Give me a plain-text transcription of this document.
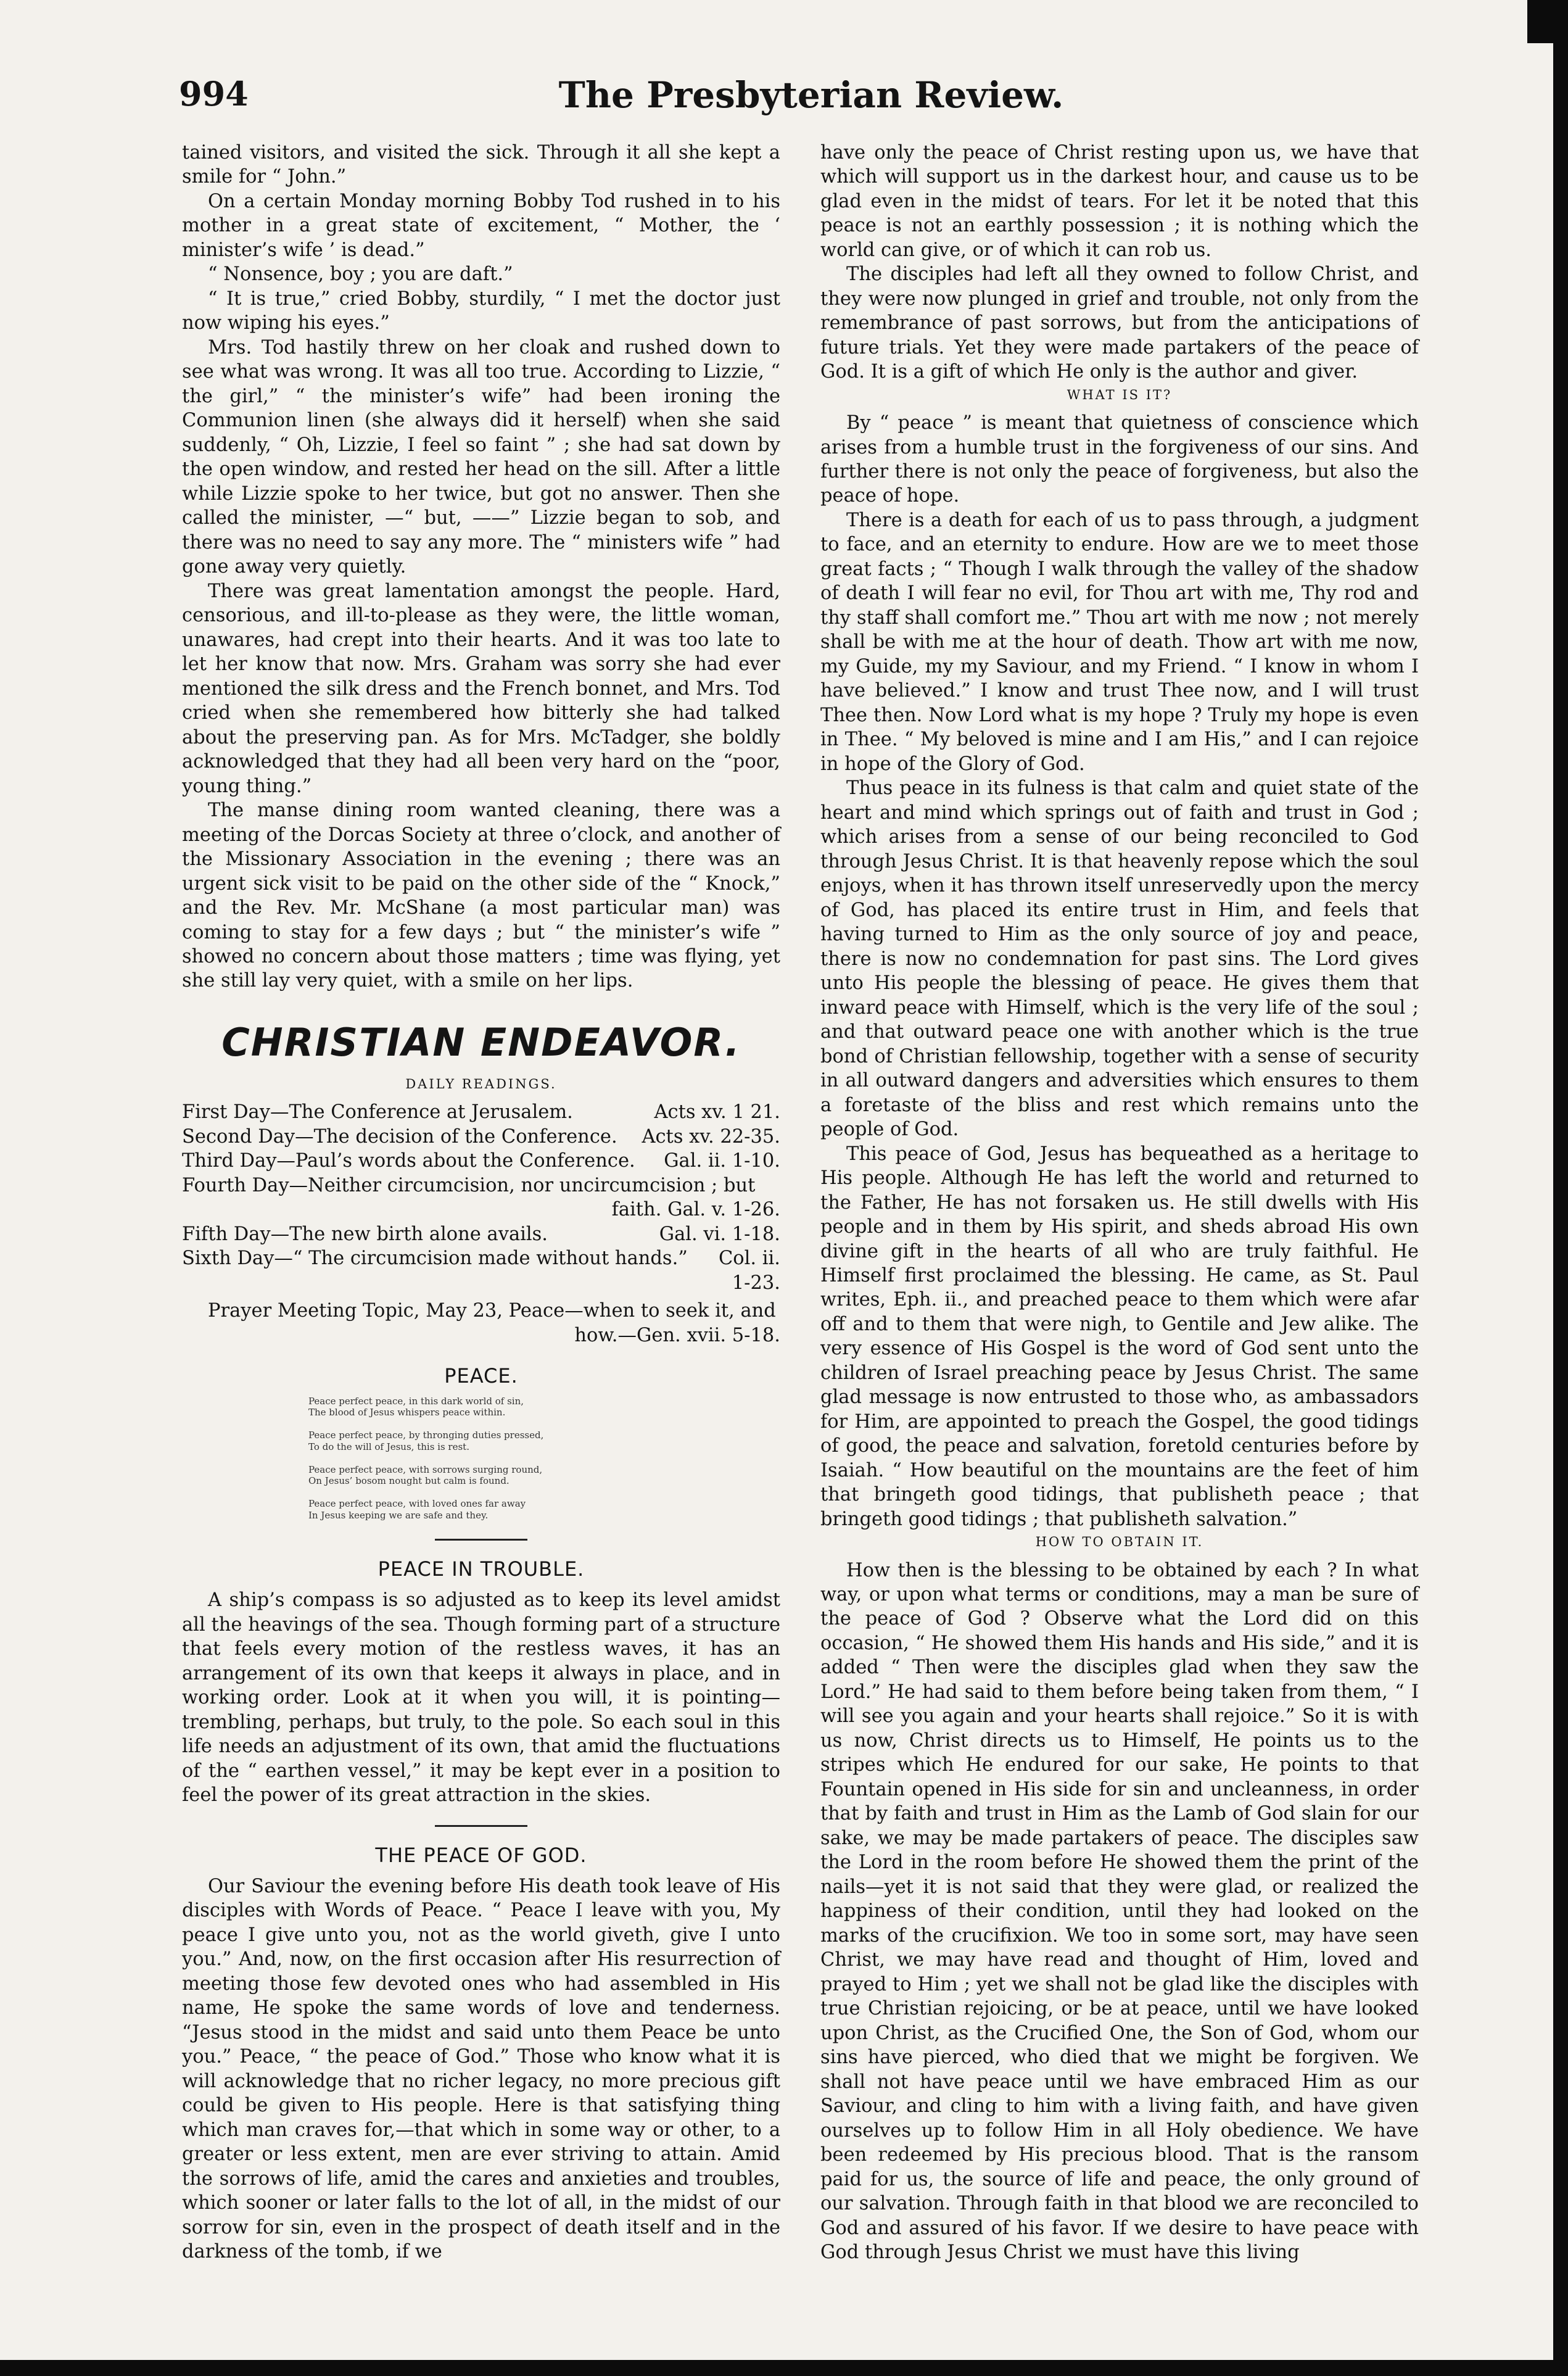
994	The Presbyterian Review.

tained visitors, and visited the sick. Through it all she kept a smile for “ John.”

On a certain Monday morning Bobby Tod rushed in to his mother in a great state of excitement, “ Mother, the ‘ minister’s wife ’ is dead.”

“ Nonsence, boy ; you are daft.”

“ It is true,” cried Bobby, sturdily, “ I met the doctor just now wiping his eyes.”

Mrs. Tod hastily threw on her cloak and rushed down to see what was wrong. It was all too true. According to Lizzie, “ the girl,” “ the minister’s wife” had been ironing the Communion linen (she always did it herself) when she said suddenly, “ Oh, Lizzie, I feel so faint ” ; she had sat down by the open window, and rested her head on the sill. After a little while Lizzie spoke to her twice, but got no answer. Then she called the minister, —“ but, ——” Lizzie began to sob, and there was no need to say any more. The “ ministers wife ” had gone away very quietly.

There was great lamentation amongst the people. Hard, censorious, and ill-to-please as they were, the little woman, unawares, had crept into their hearts. And it was too late to let her know that now. Mrs. Graham was sorry she had ever mentioned the silk dress and the French bonnet, and Mrs. Tod cried when she remembered how bitterly she had talked about the preserving pan. As for Mrs. McTadger, she boldly acknowledged that they had all been very hard on the “poor, young thing.”

The manse dining room wanted cleaning, there was a meeting of the Dorcas Society at three o’clock, and another of the Missionary Association in the evening ; there was an urgent sick visit to be paid on the other side of the “ Knock,” and the Rev. Mr. McShane (a most particular man) was coming to stay for a few days ; but “ the minister’s wife ” showed no concern about those matters ; time was flying, yet she still lay very quiet, with a smile on her lips.

CHRISTIAN ENDEAVOR.
DAILY READINGS.
First Day—The Conference at Jerusalem.	Acts xv. 1 21.
Second Day—The decision of the Conference.	Acts xv. 22-35.
Third Day—Paul’s words about the Conference.	Gal. ii. 1-10.
Fourth Day—Neither circumcision, nor uncircumcision ; but
faith. Gal. v. 1-26.
Fifth Day—The new birth alone avails.	Gal. vi. 1-18.
Sixth Day—“ The circumcision made without hands.”	Col. ii.
1-23.
Prayer Meeting Topic, May 23, Peace—when to seek it, and
how.—Gen. xvii. 5-18.
PEACE.
Peace perfect peace, in this dark world of sin,
The blood of Jesus whispers peace within.
Peace perfect peace, by thronging duties pressed,
To do the will of Jesus, this is rest.
Peace perfect peace, with sorrows surging round,
On Jesus’ bosom nought but calm is found.
Peace perfect peace, with loved ones far away
In Jesus keeping we are safe and they.
PEACE IN TROUBLE.

A ship’s compass is so adjusted as to keep its level amidst all the heavings of the sea. Though forming part of a structure that feels every motion of the restless waves, it has an arrangement of its own that keeps it always in place, and in working order. Look at it when you will, it is pointing—trembling, perhaps, but truly, to the pole. So each soul in this life needs an adjustment of its own, that amid the fluctuations of the “ earthen vessel,” it may be kept ever in a position to feel the power of its great attraction in the skies.

THE PEACE OF GOD.

Our Saviour the evening before His death took leave of His disciples with Words of Peace. “ Peace I leave with you, My peace I give unto you, not as the world giveth, give I unto you.” And, now, on the first occasion after His resurrection of meeting those few devoted ones who had assembled in His name, He spoke the same words of love and tenderness. “Jesus stood in the midst and said unto them Peace be unto you.” Peace, “ the peace of God.” Those who know what it is will acknowledge that no richer legacy, no more precious gift could be given to His people. Here is that satisfying thing which man craves for,—that which in some way or other, to a greater or less extent, men are ever striving to attain. Amid the sorrows of life, amid the cares and anxieties and troubles, which sooner or later falls to the lot of all, in the midst of our sorrow for sin, even in the prospect of death itself and in the darkness of the tomb, if we

have only the peace of Christ resting upon us, we have that which will support us in the darkest hour, and cause us to be glad even in the midst of tears. For let it be noted that this peace is not an earthly possession ; it is nothing which the world can give, or of which it can rob us.

The disciples had left all they owned to follow Christ, and they were now plunged in grief and trouble, not only from the remembrance of past sorrows, but from the anticipations of future trials. Yet they were made partakers of the peace of God. It is a gift of which He only is the author and giver.

WHAT IS IT?

By “ peace ” is meant that quietness of conscience which arises from a humble trust in the forgiveness of our sins. And further there is not only the peace of forgiveness, but also the peace of hope.

There is a death for each of us to pass through, a judgment to face, and an eternity to endure. How are we to meet those great facts ; “ Though I walk through the valley of the shadow of death I will fear no evil, for Thou art with me, Thy rod and thy staff shall comfort me.” Thou art with me now ; not merely shall be with me at the hour of death. Thow art with me now, my Guide, my my Saviour, and my Friend. “ I know in whom I have believed.” I know and trust Thee now, and I will trust Thee then. Now Lord what is my hope ? Truly my hope is even in Thee. “ My beloved is mine and I am His,” and I can rejoice in hope of the Glory of God.

Thus peace in its fulness is that calm and quiet state of the heart and mind which springs out of faith and trust in God ; which arises from a sense of our being reconciled to God through Jesus Christ. It is that heavenly repose which the soul enjoys, when it has thrown itself unreservedly upon the mercy of God, has placed its entire trust in Him, and feels that having turned to Him as the only source of joy and peace, there is now no condemnation for past sins. The Lord gives unto His people the blessing of peace. He gives them that inward peace with Himself, which is the very life of the soul ; and that outward peace one with another which is the true bond of Christian fellowship, together with a sense of security in all outward dangers and adversities which ensures to them a foretaste of the bliss and rest which remains unto the people of God.

This peace of God, Jesus has bequeathed as a heritage to His people. Although He has left the world and returned to the Father, He has not forsaken us. He still dwells with His people and in them by His spirit, and sheds abroad His own divine gift in the hearts of all who are truly faithful. He Himself first proclaimed the blessing. He came, as St. Paul writes, Eph. ii., and preached peace to them which were afar off and to them that were nigh, to Gentile and Jew alike. The very essence of His Gospel is the word of God sent unto the children of Israel preaching peace by Jesus Christ. The same glad message is now entrusted to those who, as ambassadors for Him, are appointed to preach the Gospel, the good tidings of good, the peace and salvation, foretold centuries before by Isaiah. “ How beautiful on the mountains are the feet of him that bringeth good tidings, that publisheth peace ; that bringeth good tidings ; that publisheth salvation.”

HOW TO OBTAIN IT.

How then is the blessing to be obtained by each ? In what way, or upon what terms or conditions, may a man be sure of the peace of God ? Observe what the Lord did on this occasion, “ He showed them His hands and His side,” and it is added “ Then were the disciples glad when they saw the Lord.” He had said to them before being taken from them, “ I will see you again and your hearts shall rejoice.” So it is with us now, Christ directs us to Himself, He points us to the stripes which He endured for our sake, He points to that Fountain opened in His side for sin and uncleanness, in order that by faith and trust in Him as the Lamb of God slain for our sake, we may be made partakers of peace. The disciples saw the Lord in the room before He showed them the print of the nails—yet it is not said that they were glad, or realized the happiness of their condition, until they had looked on the marks of the crucifixion. We too in some sort, may have seen Christ, we may have read and thought of Him, loved and prayed to Him ; yet we shall not be glad like the disciples with true Christian rejoicing, or be at peace, until we have looked upon Christ, as the Crucified One, the Son of God, whom our sins have pierced, who died that we might be forgiven. We shall not have peace until we have embraced Him as our Saviour, and cling to him with a living faith, and have given ourselves up to follow Him in all Holy obedience. We have been redeemed by His precious blood. That is the ransom paid for us, the source of life and peace, the only ground of our salvation. Through faith in that blood we are reconciled to God and assured of his favor. If we desire to have peace with God through Jesus Christ we must have this living
